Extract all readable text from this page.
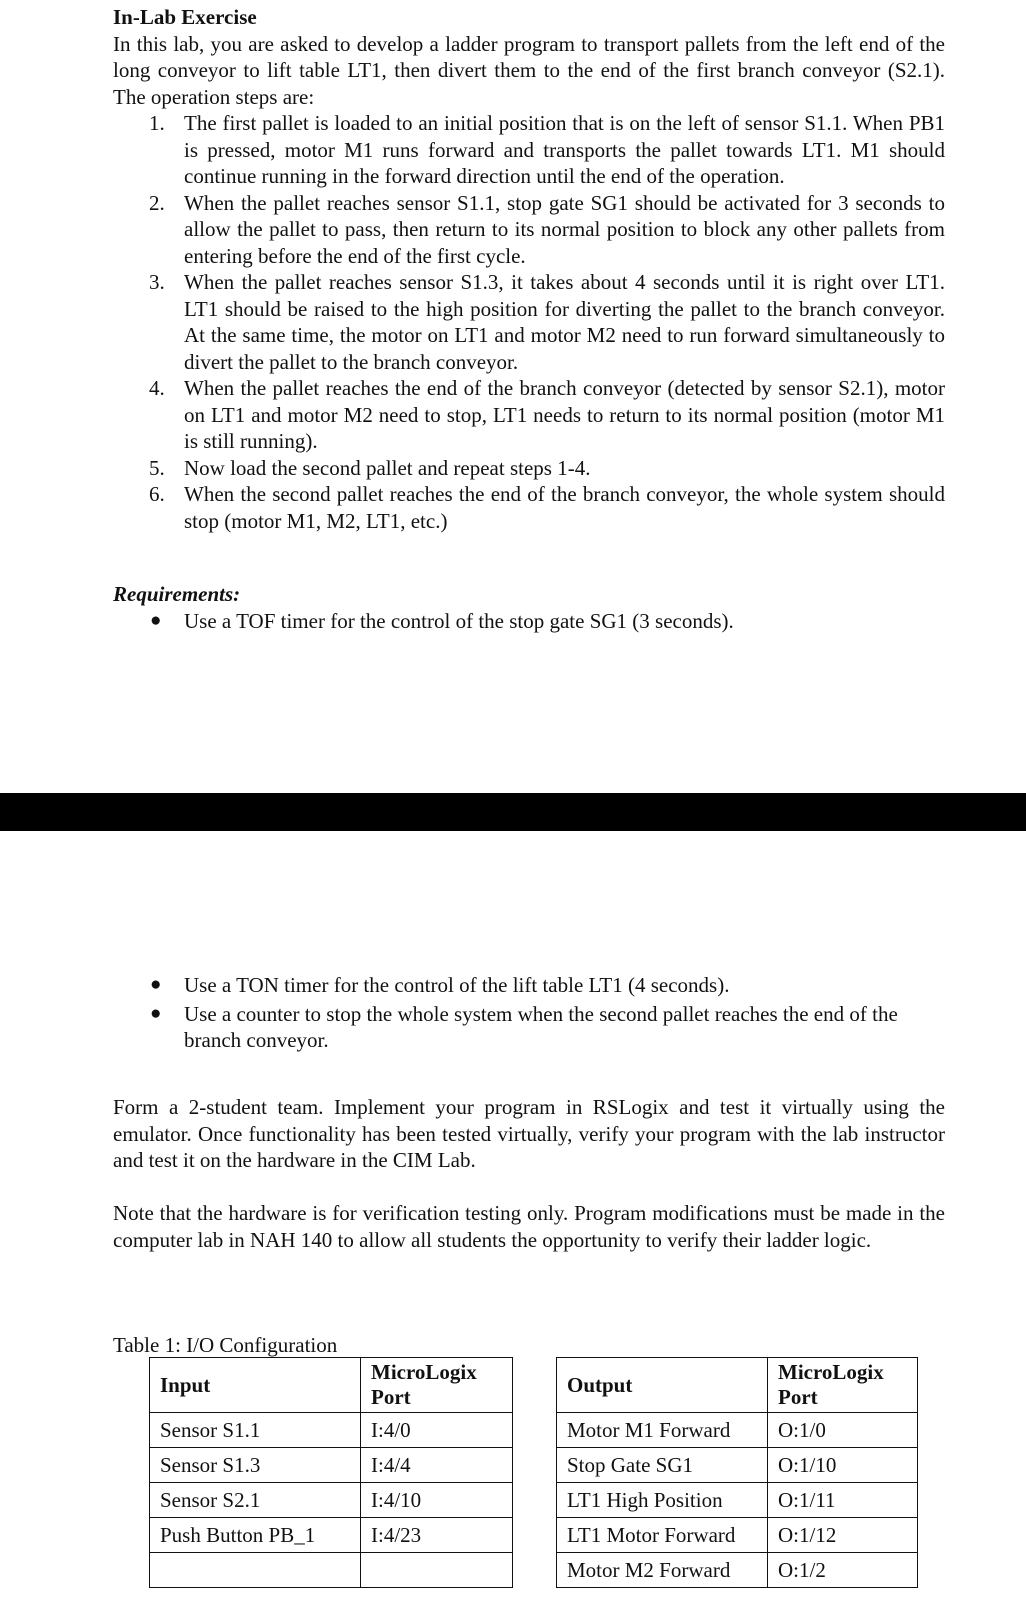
In-Lab Exercise
In this lab, you are asked to develop a ladder program to transport pallets from the left end of the long conveyor to lift table LT1, then divert them to the end of the first branch conveyor (S2.1). The operation steps are:
1. The first pallet is loaded to an initial position that is on the left of sensor S1.1. When PB1 is pressed, motor M1 runs forward and transports the pallet towards LT1. M1 should continue running in the forward direction until the end of the operation.
2. When the pallet reaches sensor S1.1, stop gate SG1 should be activated for 3 seconds to allow the pallet to pass, then return to its normal position to block any other pallets from entering before the end of the first cycle.
3. When the pallet reaches sensor S1.3, it takes about 4 seconds until it is right over LT1. LT1 should be raised to the high position for diverting the pallet to the branch conveyor. At the same time, the motor on LT1 and motor M2 need to run forward simultaneously to divert the pallet to the branch conveyor.
4. When the pallet reaches the end of the branch conveyor (detected by sensor S2.1), motor on LT1 and motor M2 need to stop, LT1 needs to return to its normal position (motor M1 is still running).
5. Now load the second pallet and repeat steps 1-4.
6. When the second pallet reaches the end of the branch conveyor, the whole system should stop (motor M1, M2, LT1, etc.)
Requirements:
● Use a TOF timer for the control of the stop gate SG1 (3 seconds).
● Use a TON timer for the control of the lift table LT1 (4 seconds).
● Use a counter to stop the whole system when the second pallet reaches the end of the branch conveyor.
Form a 2-student team. Implement your program in RSLogix and test it virtually using the emulator. Once functionality has been tested virtually, verify your program with the lab instructor and test it on the hardware in the CIM Lab.
Note that the hardware is for verification testing only. Program modifications must be made in the computer lab in NAH 140 to allow all students the opportunity to verify their ladder logic.
Table 1: I/O Configuration
Input	MicroLogix
Port

Sensor S1.1	I:4/0
Sensor S1.3	I:4/4
Sensor S2.1	I:4/10
Push Button PB_1	I:4/23

Output	MicroLogix
Port

Motor M1 Forward	O:1/0
Stop Gate SG1	O:1/10
LT1 High Position	O:1/11
LT1 Motor Forward	O:1/12
Motor M2 Forward	O:1/2
